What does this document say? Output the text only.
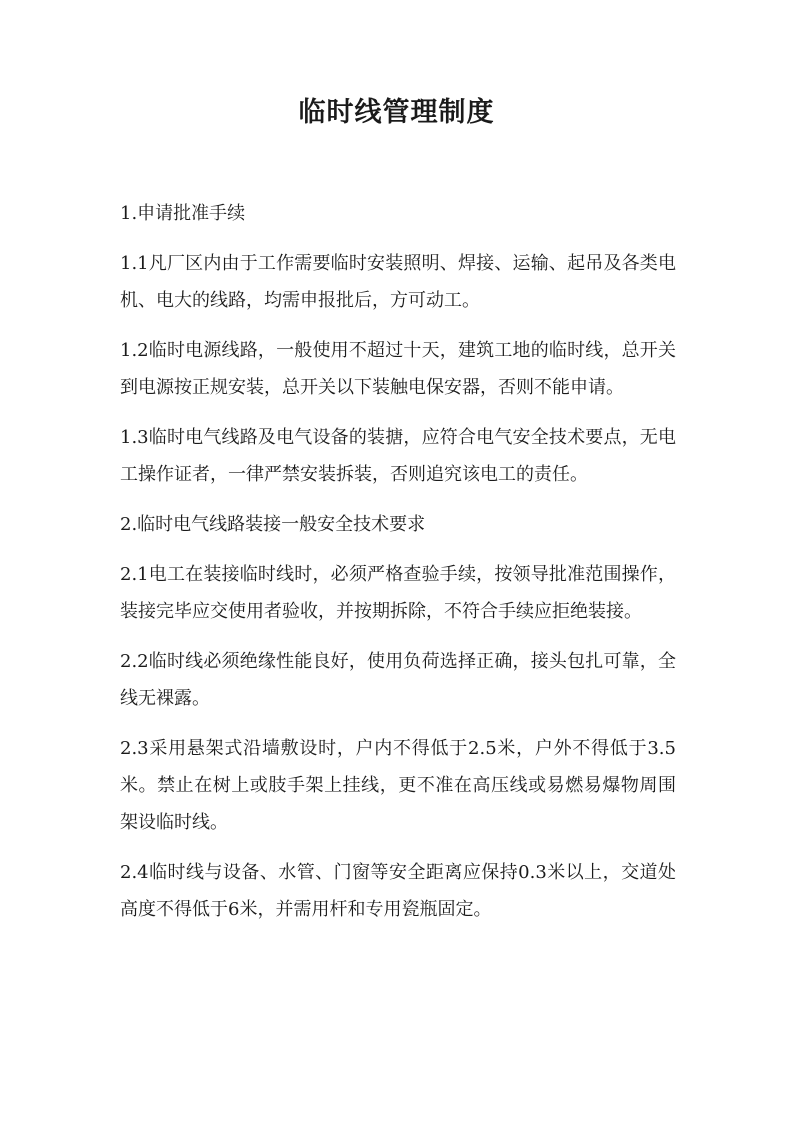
临时线管理制度

1.申请批准手续

1.1凡厂区内由于工作需要临时安装照明、焊接、运输、起吊及各类电机、电大的线路，均需申报批后，方可动工。

1.2临时电源线路，一般使用不超过十天，建筑工地的临时线，总开关到电源按正规安装，总开关以下装触电保安器，否则不能申请。

1.3临时电气线路及电气设备的装搪，应符合电气安全技术要点，无电工操作证者，一律严禁安装拆装，否则追究该电工的责任。

2.临时电气线路装接一般安全技术要求

2.1电工在装接临时线时，必须严格查验手续，按领导批准范围操作，装接完毕应交使用者验收，并按期拆除，不符合手续应拒绝装接。

2.2临时线必须绝缘性能良好，使用负荷选择正确，接头包扎可靠，全线无裸露。

2.3采用悬架式沿墙敷设时，户内不得低于2.5米，户外不得低于3.5米。禁止在树上或肢手架上挂线，更不准在高压线或易燃易爆物周围架设临时线。

2.4临时线与设备、水管、门窗等安全距离应保持0.3米以上，交道处高度不得低于6米，并需用杆和专用瓷瓶固定。
